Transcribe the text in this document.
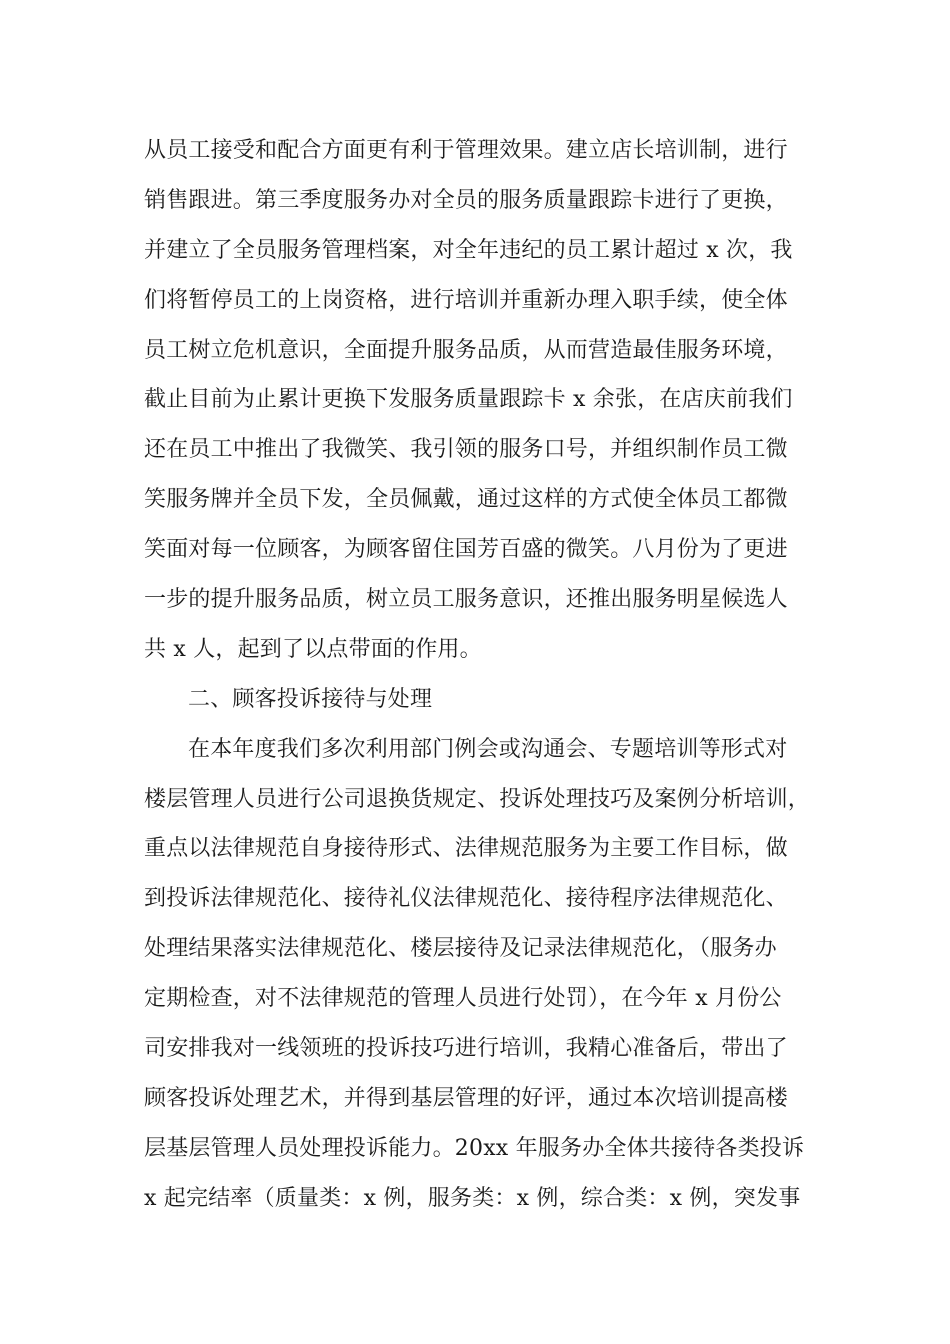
从员工接受和配合方面更有利于管理效果。建立店长培训制，进行
销售跟进。第三季度服务办对全员的服务质量跟踪卡进行了更换，
并建立了全员服务管理档案，对全年违纪的员工累计超过 x 次，我
们将暂停员工的上岗资格，进行培训并重新办理入职手续，使全体
员工树立危机意识，全面提升服务品质，从而营造最佳服务环境，
截止目前为止累计更换下发服务质量跟踪卡 x 余张，在店庆前我们
还在员工中推出了我微笑、我引领的服务口号，并组织制作员工微
笑服务牌并全员下发，全员佩戴，通过这样的方式使全体员工都微
笑面对每一位顾客，为顾客留住国芳百盛的微笑。八月份为了更进
一步的提升服务品质，树立员工服务意识，还推出服务明星候选人
共 x 人，起到了以点带面的作用。
二、顾客投诉接待与处理
在本年度我们多次利用部门例会或沟通会、专题培训等形式对
楼层管理人员进行公司退换货规定、投诉处理技巧及案例分析培训，
重点以法律规范自身接待形式、法律规范服务为主要工作目标，做
到投诉法律规范化、接待礼仪法律规范化、接待程序法律规范化、
处理结果落实法律规范化、楼层接待及记录法律规范化，（服务办
定期检查，对不法律规范的管理人员进行处罚），在今年 x 月份公
司安排我对一线领班的投诉技巧进行培训，我精心准备后，带出了
顾客投诉处理艺术，并得到基层管理的好评，通过本次培训提高楼
层基层管理人员处理投诉能力。20xx 年服务办全体共接待各类投诉
x 起完结率（质量类：x 例，服务类：x 例，综合类：x 例，突发事
